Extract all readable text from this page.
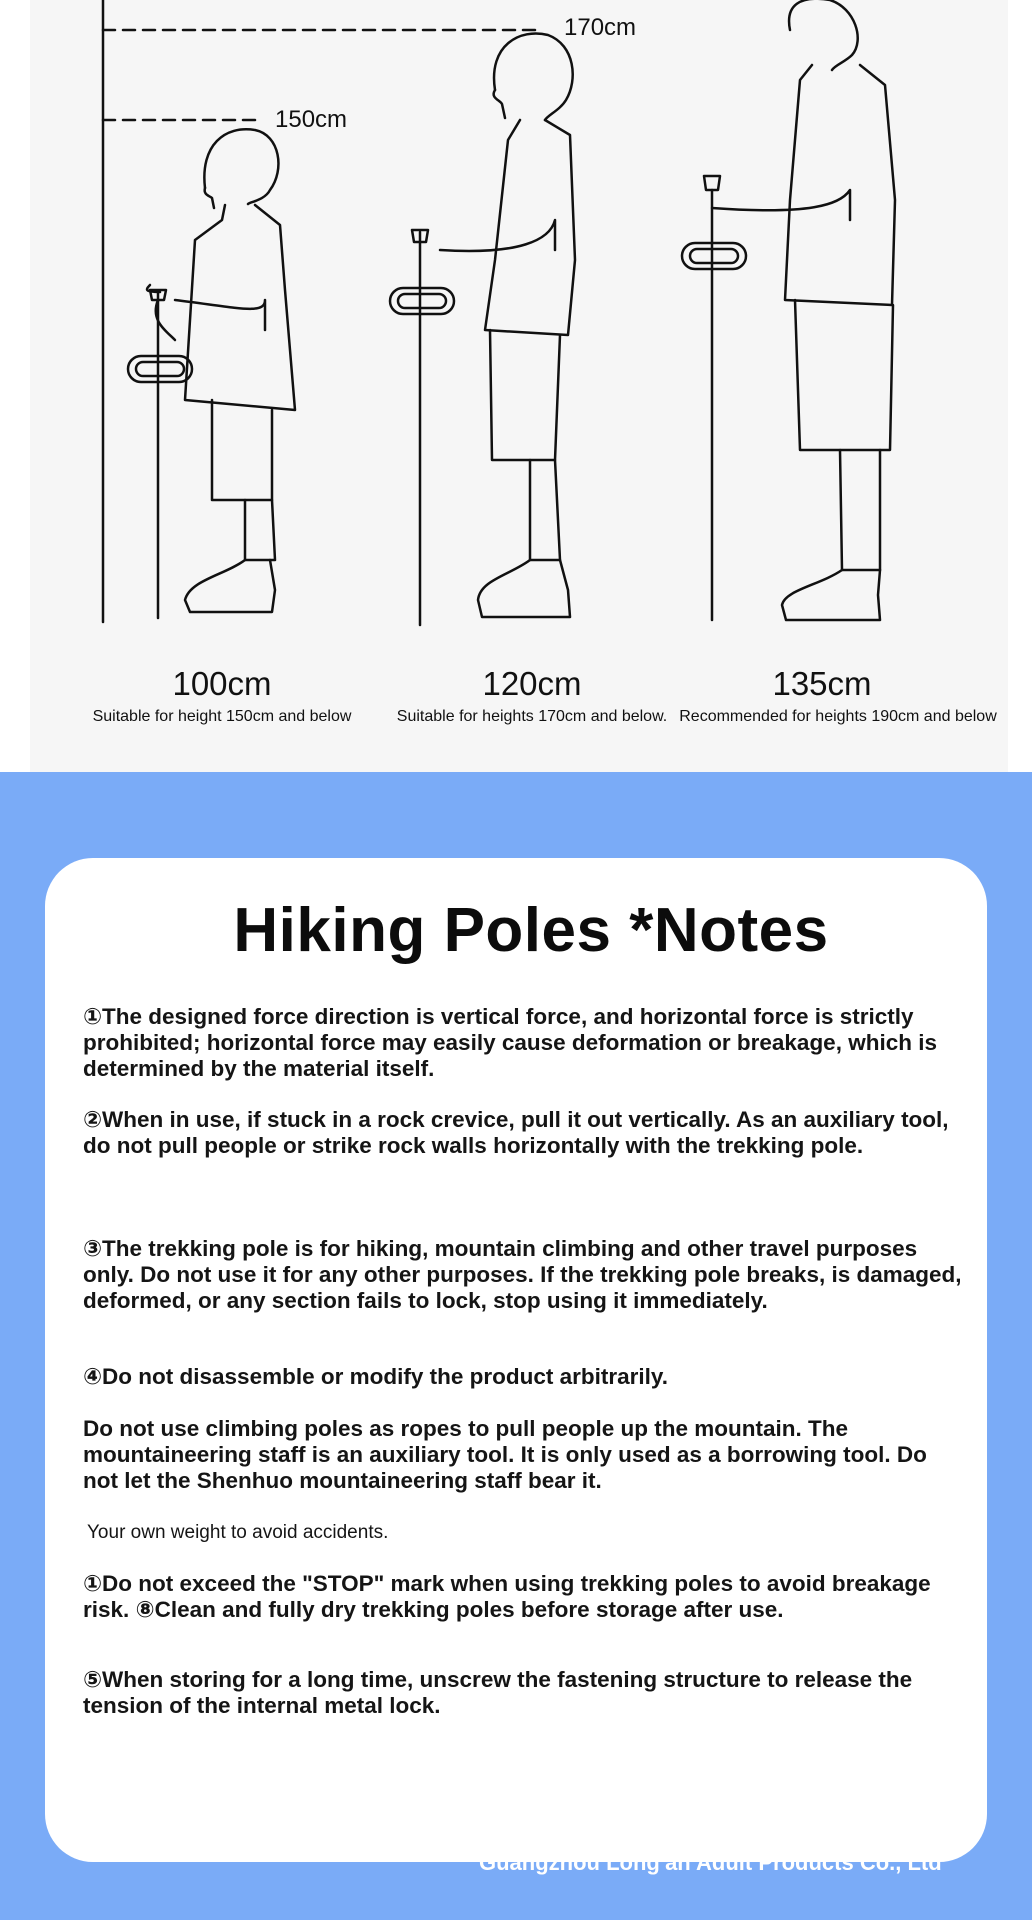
170cm
150cm
100cm
Suitable for height 150cm and below
120cm
Suitable for heights 170cm and below.
135cm
Recommended for heights 190cm and below
Hiking Poles *Notes
①The designed force direction is vertical force, and horizontal force is strictly prohibited; horizontal force may easily cause deformation or breakage, which is determined by the material itself.
②When in use, if stuck in a rock crevice, pull it out vertically. As an auxiliary tool, do not pull people or strike rock walls horizontally with the trekking pole.
③The trekking pole is for hiking, mountain climbing and other travel purposes only. Do not use it for any other purposes. If the trekking pole breaks, is damaged, deformed, or any section fails to lock, stop using it immediately.
④Do not disassemble or modify the product arbitrarily.
Do not use climbing poles as ropes to pull people up the mountain. The mountaineering staff is an auxiliary tool. It is only used as a borrowing tool. Do not let the Shenhuo mountaineering staff bear it.
Your own weight to avoid accidents.
①Do not exceed the "STOP" mark when using trekking poles to avoid breakage risk. ⑧Clean and fully dry trekking poles before storage after use.
⑤When storing for a long time, unscrew the fastening structure to release the tension of the internal metal lock.
Guangzhou Long'an Adult Products Co., Ltd
